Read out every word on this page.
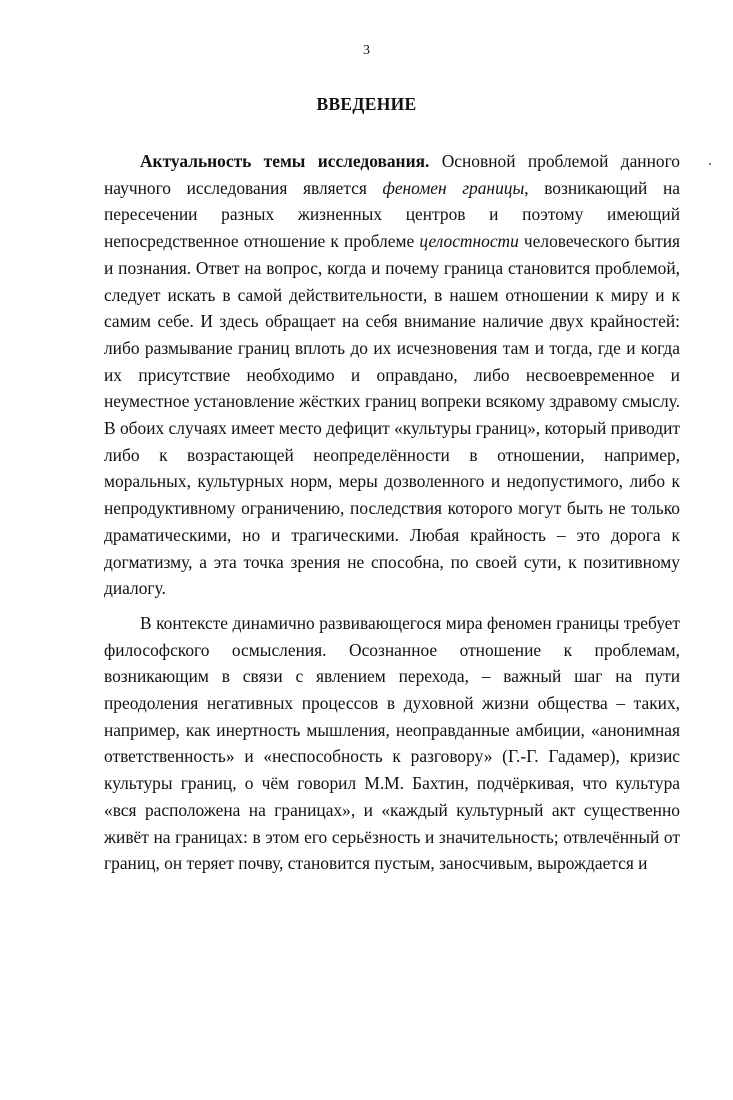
3
ВВЕДЕНИЕ

Актуальность темы исследования. Основной проблемой данного научного исследования является феномен границы, возникающий на пересечении разных жизненных центров и поэтому имеющий непосредственное отношение к проблеме целостности человеческого бытия и познания. Ответ на вопрос, когда и почему граница становится проблемой, следует искать в самой действительности, в нашем отношении к миру и к самим себе. И здесь обращает на себя внимание наличие двух крайностей: либо размывание границ вплоть до их исчезновения там и тогда, где и когда их присутствие необходимо и оправдано, либо несвоевременное и неуместное установление жёстких границ вопреки всякому здравому смыслу. В обоих случаях имеет место дефицит «культуры границ», который приводит либо к возрастающей неопределённости в отношении, например, моральных, культурных норм, меры дозволенного и недопустимого, либо к непродуктивному ограничению, последствия которого могут быть не только драматическими, но и трагическими. Любая крайность – это дорога к догматизму, а эта точка зрения не способна, по своей сути, к позитивному диалогу.

В контексте динамично развивающегося мира феномен границы требует философского осмысления. Осознанное отношение к проблемам, возникающим в связи с явлением перехода, – важный шаг на пути преодоления негативных процессов в духовной жизни общества – таких, например, как инертность мышления, неоправданные амбиции, «анонимная ответственность» и «неспособность к разговору» (Г.-Г. Гадамер), кризис культуры границ, о чём говорил М.М. Бахтин, подчёркивая, что культура «вся расположена на границах», и «каждый культурный акт существенно живёт на границах: в этом его серьёзность и значительность; отвлечённый от границ, он теряет почву, становится пустым, заносчивым, вырождается и
